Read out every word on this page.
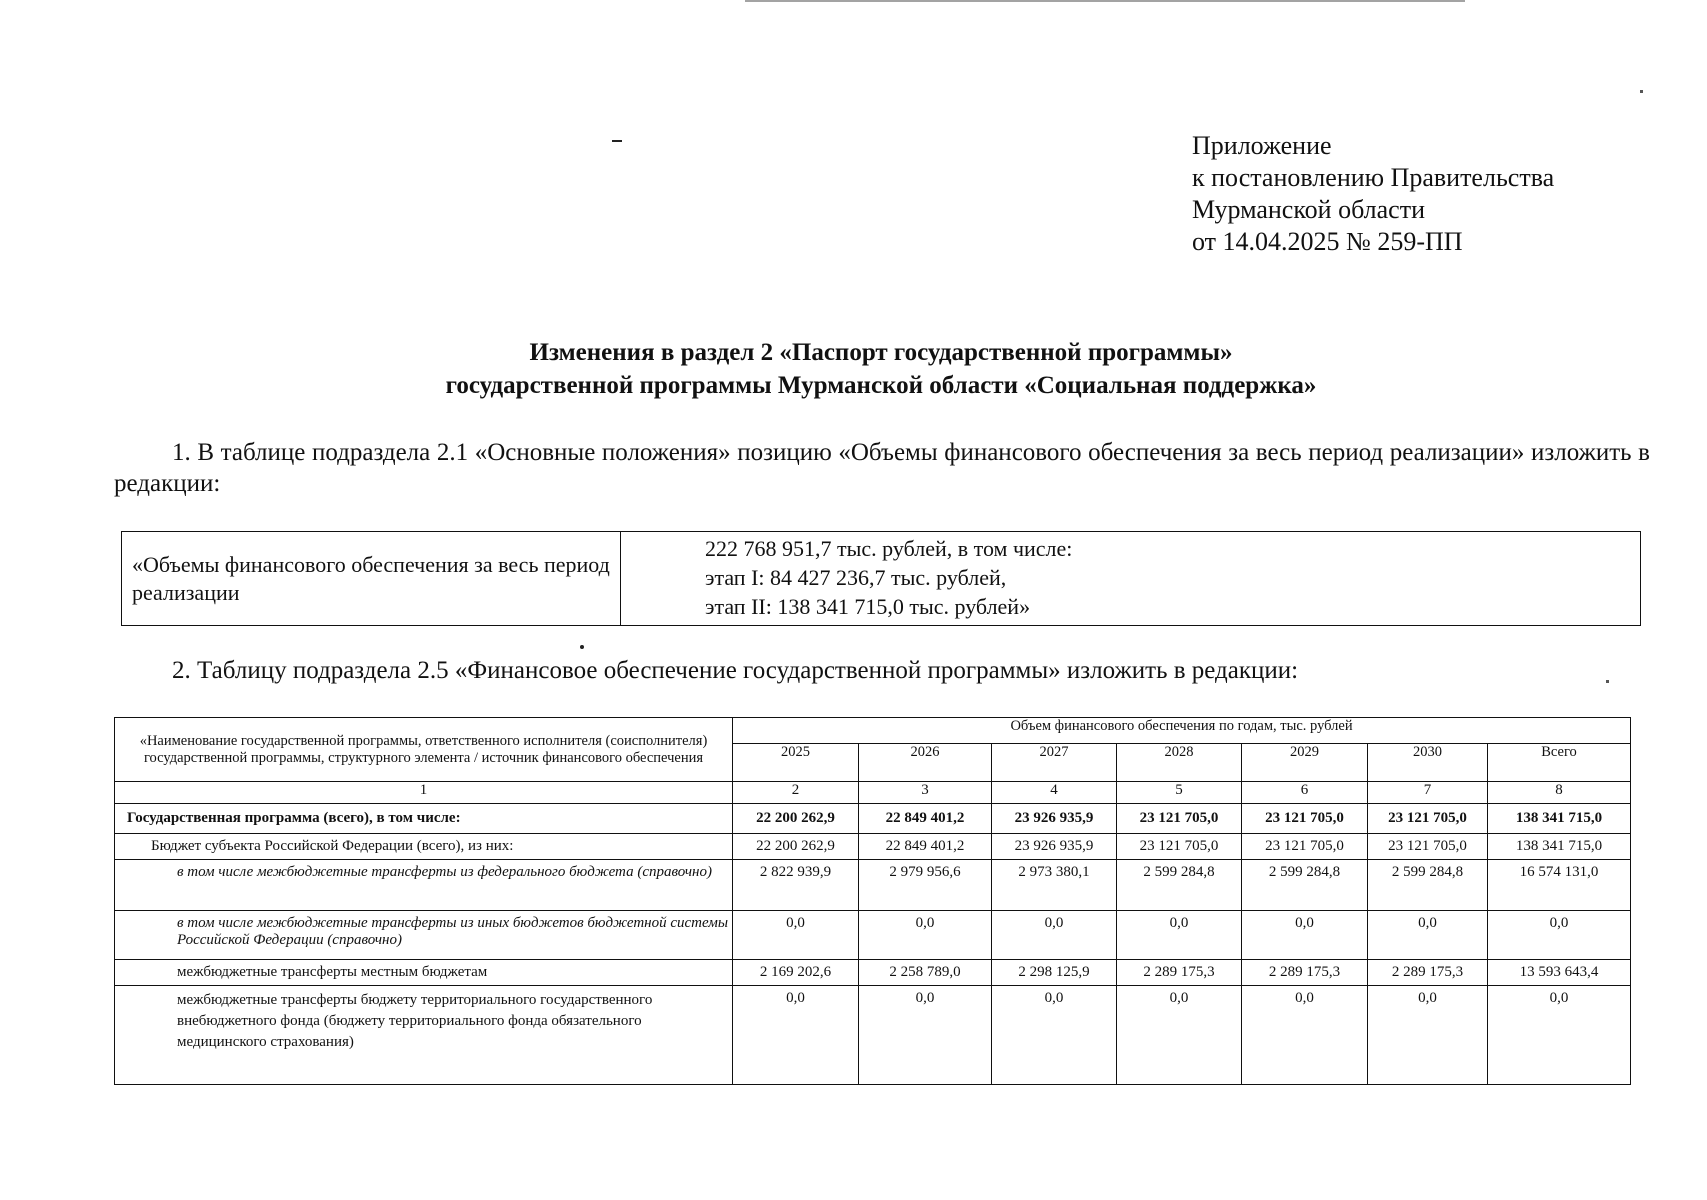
Приложение
к постановлению Правительства
Мурманской области
от 14.04.2025 № 259-ПП
Изменения в раздел 2 «Паспорт государственной программы»
государственной программы Мурманской области «Социальная поддержка»
1. В таблице подраздела 2.1 «Основные положения» позицию «Объемы финансового обеспечения за весь период реализации» изложить в редакции:
«Объемы финансового обеспечения за весь период реализации
222 768 951,7 тыс. рублей, в том числе:
этап I: 84 427 236,7 тыс. рублей,
этап II: 138 341 715,0 тыс. рублей»
2. Таблицу подраздела 2.5 «Финансовое обеспечение государственной программы» изложить в редакции:
«Наименование государственной программы, ответственного исполнителя (соисполнителя) государственной программы, структурного элемента / источник финансового обеспечения	Объем финансового обеспечения по годам, тыс. рублей						
	2025	2026	2027	2028	2029	2030	Всего
1	2	3	4	5	6	7	8
Государственная программа (всего), в том числе:	22 200 262,9	22 849 401,2	23 926 935,9	23 121 705,0	23 121 705,0	23 121 705,0	138 341 715,0
Бюджет субъекта Российской Федерации (всего), из них:	22 200 262,9	22 849 401,2	23 926 935,9	23 121 705,0	23 121 705,0	23 121 705,0	138 341 715,0
в том числе межбюджетные трансферты из федерального бюджета (справочно)	2 822 939,9	2 979 956,6	2 973 380,1	2 599 284,8	2 599 284,8	2 599 284,8	16 574 131,0
в том числе межбюджетные трансферты из иных бюджетов бюджетной системы Российской Федерации (справочно)	0,0	0,0	0,0	0,0	0,0	0,0	0,0
межбюджетные трансферты местным бюджетам	2 169 202,6	2 258 789,0	2 298 125,9	2 289 175,3	2 289 175,3	2 289 175,3	13 593 643,4
межбюджетные трансферты бюджету территориального государственного внебюджетного фонда (бюджету территориального фонда обязательного медицинского страхования)	0,0	0,0	0,0	0,0	0,0	0,0	0,0
